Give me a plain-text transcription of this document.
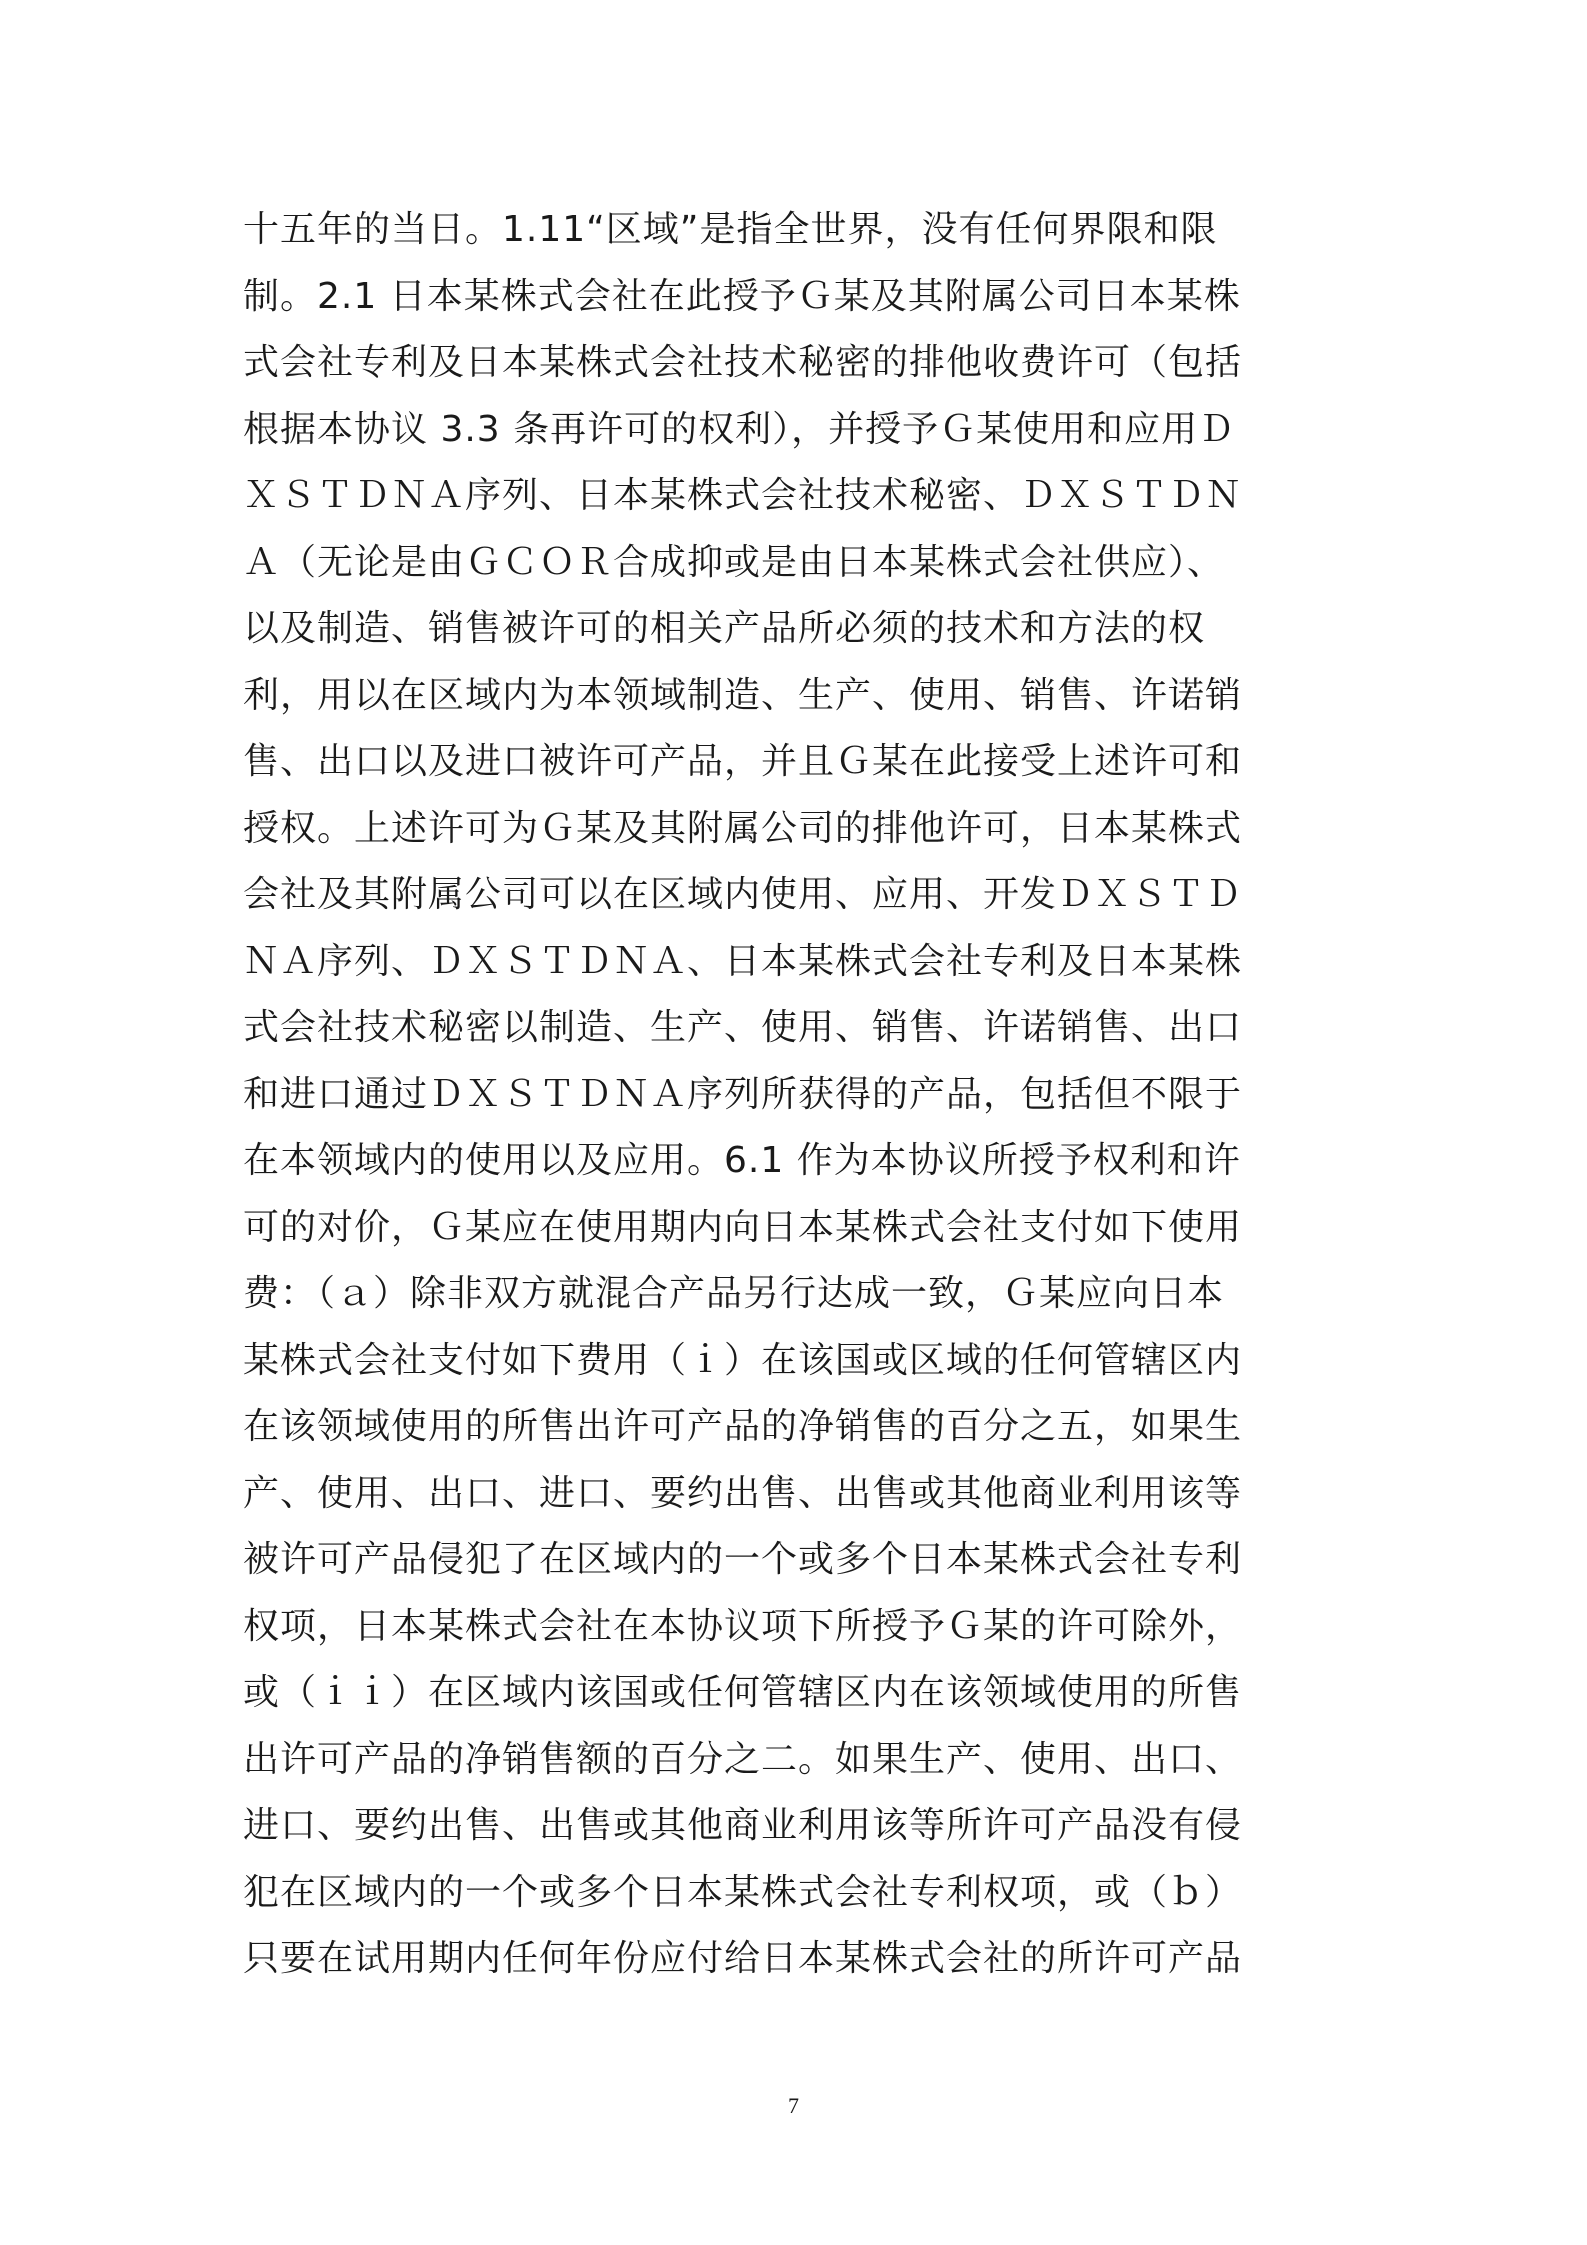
十五年的当日。1.11“区域”是指全世界，没有任何界限和限
制。2.1 日本某株式会社在此授予Ｇ某及其附属公司日本某株
式会社专利及日本某株式会社技术秘密的排他收费许可（包括
根据本协议 3.3 条再许可的权利），并授予Ｇ某使用和应用Ｄ
ＸＳＴＤＮＡ序列、日本某株式会社技术秘密、ＤＸＳＴＤＮ
Ａ（无论是由ＧＣＯＲ合成抑或是由日本某株式会社供应）、
以及制造、销售被许可的相关产品所必须的技术和方法的权
利，用以在区域内为本领域制造、生产、使用、销售、许诺销
售、出口以及进口被许可产品，并且Ｇ某在此接受上述许可和
授权。上述许可为Ｇ某及其附属公司的排他许可，日本某株式
会社及其附属公司可以在区域内使用、应用、开发ＤＸＳＴＤ
ＮＡ序列、ＤＸＳＴＤＮＡ、日本某株式会社专利及日本某株
式会社技术秘密以制造、生产、使用、销售、许诺销售、出口
和进口通过ＤＸＳＴＤＮＡ序列所获得的产品，包括但不限于
在本领域内的使用以及应用。6.1 作为本协议所授予权利和许
可的对价，Ｇ某应在使用期内向日本某株式会社支付如下使用
费：（ａ）除非双方就混合产品另行达成一致，Ｇ某应向日本
某株式会社支付如下费用（ｉ）在该国或区域的任何管辖区内
在该领域使用的所售出许可产品的净销售的百分之五，如果生
产、使用、出口、进口、要约出售、出售或其他商业利用该等
被许可产品侵犯了在区域内的一个或多个日本某株式会社专利
权项，日本某株式会社在本协议项下所授予Ｇ某的许可除外，
或（ｉｉ）在区域内该国或任何管辖区内在该领域使用的所售
出许可产品的净销售额的百分之二。如果生产、使用、出口、
进口、要约出售、出售或其他商业利用该等所许可产品没有侵
犯在区域内的一个或多个日本某株式会社专利权项，或（ｂ）
只要在试用期内任何年份应付给日本某株式会社的所许可产品
7
